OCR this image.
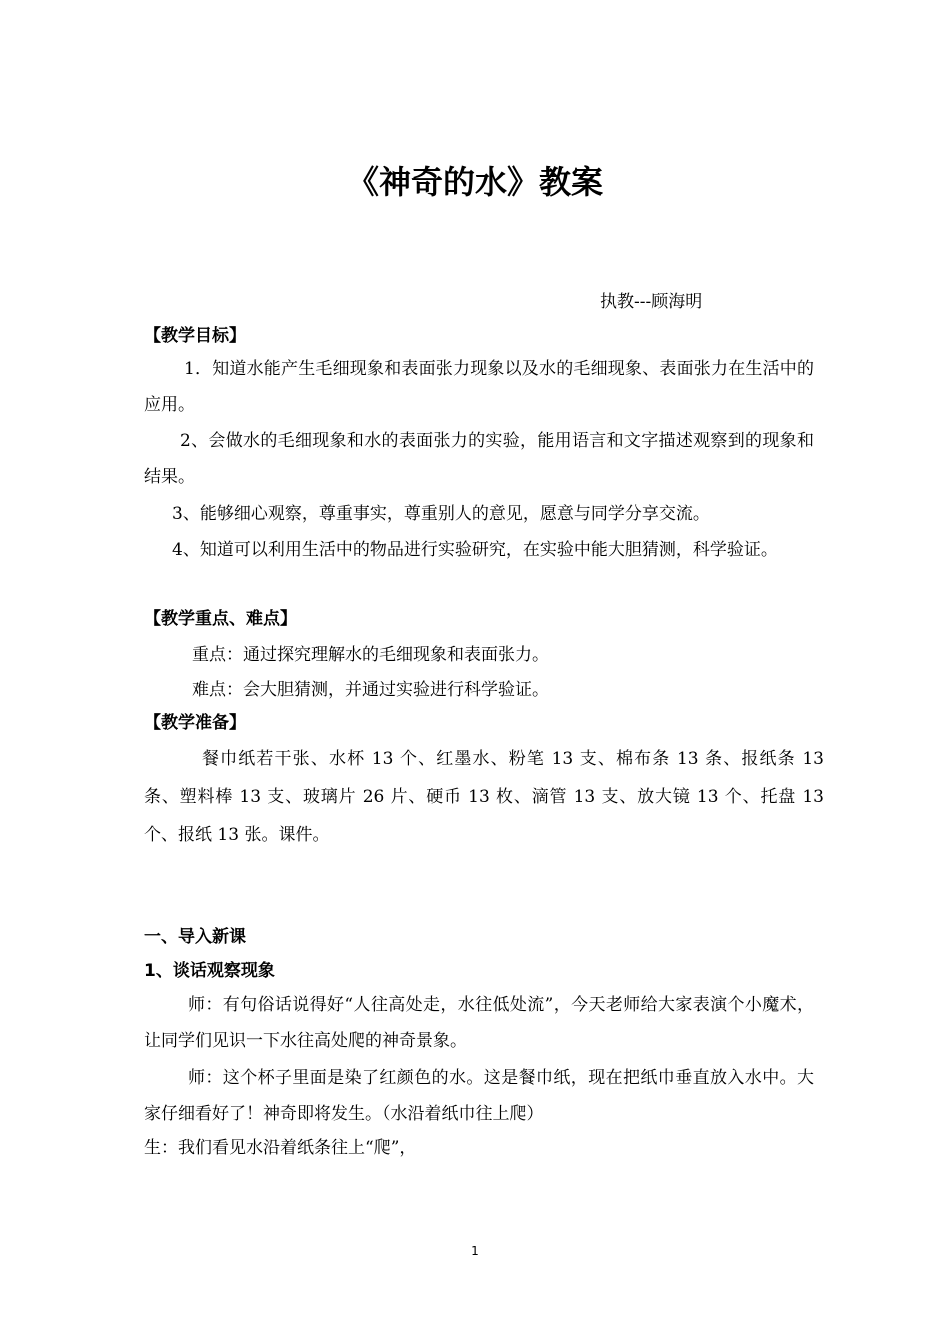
《神奇的水》教案
执教---顾海明
【教学目标】
1．知道水能产生毛细现象和表面张力现象以及水的毛细现象、表面张力在生活中的应用。
2、会做水的毛细现象和水的表面张力的实验，能用语言和文字描述观察到的现象和结果。
3、能够细心观察，尊重事实，尊重别人的意见，愿意与同学分享交流。
4、知道可以利用生活中的物品进行实验研究，在实验中能大胆猜测，科学验证。
【教学重点、难点】
重点：通过探究理解水的毛细现象和表面张力。
难点：会大胆猜测，并通过实验进行科学验证。
【教学准备】
餐巾纸若干张、水杯 13 个、红墨水、粉笔 13 支、棉布条 13 条、报纸条 13 条、塑料棒 13 支、玻璃片 26 片、硬币 13 枚、滴管 13 支、放大镜 13 个、托盘 13 个、报纸 13 张。课件。
一、导入新课
1、谈话观察现象
师：有句俗话说得好“人往高处走，水往低处流”，今天老师给大家表演个小魔术，让同学们见识一下水往高处爬的神奇景象。
师：这个杯子里面是染了红颜色的水。这是餐巾纸，现在把纸巾垂直放入水中。大家仔细看好了！神奇即将发生。（水沿着纸巾往上爬）
生：我们看见水沿着纸条往上“爬”，
1
